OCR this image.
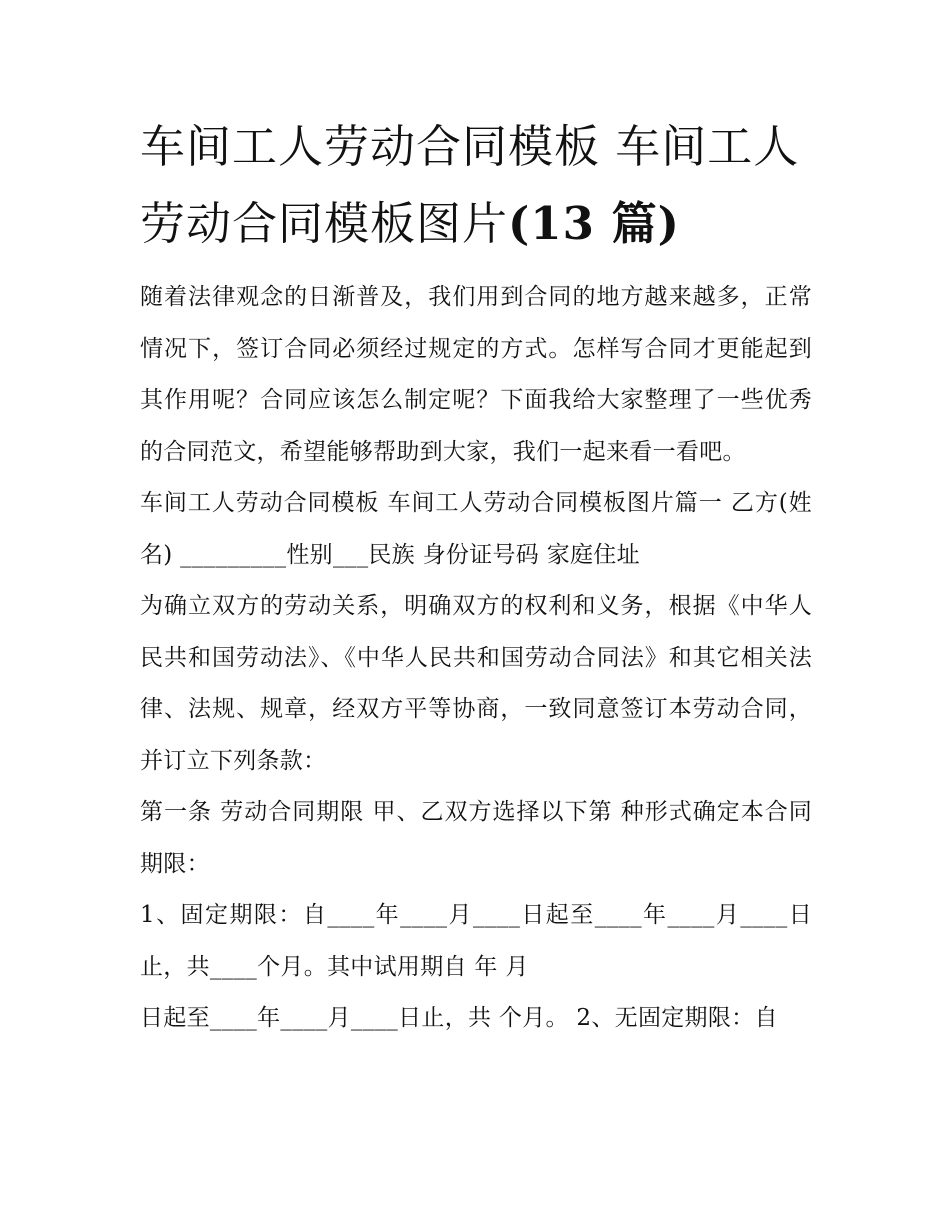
车间工人劳动合同模板 车间工人劳动合同模板图片(13 篇)

随着法律观念的日渐普及，我们用到合同的地方越来越多，正常情况下，签订合同必须经过规定的方式。怎样写合同才更能起到其作用呢？合同应该怎么制定呢？下面我给大家整理了一些优秀的合同范文，希望能够帮助到大家，我们一起来看一看吧。

车间工人劳动合同模板 车间工人劳动合同模板图片篇一 乙方(姓名) _________性别___民族 身份证号码 家庭住址

为确立双方的劳动关系，明确双方的权利和义务，根据《中华人民共和国劳动法》、《中华人民共和国劳动合同法》和其它相关法律、法规、规章，经双方平等协商，一致同意签订本劳动合同，并订立下列条款：

第一条 劳动合同期限 甲、乙双方选择以下第 种形式确定本合同期限：

1、固定期限：自____年____月____日起至____年____月____日止，共____个月。其中试用期自 年 月

日起至____年____月____日止，共 个月。 2、无固定期限：自
